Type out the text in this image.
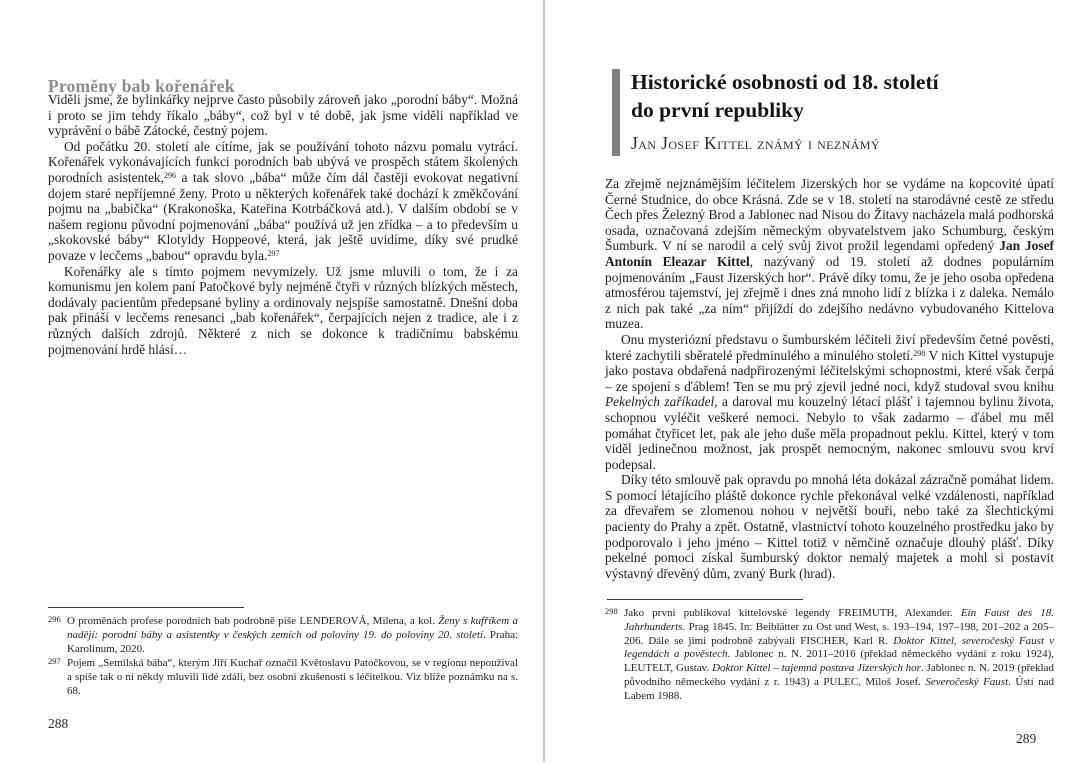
Proměny bab kořenářek

Viděli jsme, že bylinkářky nejprve často působily zároveň jako „porodní báby“. Možná i proto se jim tehdy říkalo „báby“, což byl v té době, jak jsme viděli například ve vyprávění o bábě Zátocké, čestný pojem.

Od počátku 20. století ale cítíme, jak se používání tohoto názvu pomalu vytrácí. Kořenářek vykonávajících funkci porodních bab ubývá ve prospěch státem školených porodních asistentek,$^{296}$ a tak slovo „bába“ může čím dál častěji evokovat negativní dojem staré nepříjemné ženy. Proto u některých kořenářek také dochází k změkčování pojmu na „babička“ (Krakonoška, Kateřina Kotrbáčková atd.). V dalším období se v našem regionu původní pojmenování „bába“ používá už jen zřídka – a to především u „skokovské báby“ Klotyldy Hoppeové, která, jak ještě uvidíme, díky své prudké povaze v lecčems „babou“ opravdu byla.$^{297}$

Kořenářky ale s tímto pojmem nevymizely. Už jsme mluvili o tom, že i za komunismu jen kolem paní Patočkové byly nejméně čtyři v různých blízkých městech, dodávaly pacientům předepsané byliny a ordinovaly nejspíše samostatně. Dnešní doba pak přináší v lecčems renesanci „bab kořenářek“, čerpajících nejen z tradice, ale i z různých dalších zdrojů. Některé z nich se dokonce k tradičnímu babskému pojmenování hrdě hlásí…

296 O proměnách profese porodních bab podrobně píše LENDEROVÁ, Milena, a kol. Ženy s kufříkem a nadějí: porodní báby a asistentky v českých zemích od poloviny 19. do poloviny 20. století. Praha: Karolinum, 2020.
297 Pojem „Semilská bába“, kterým Jiří Kuchař označil Květoslavu Patočkovou, se v regionu nepoužíval a spíše tak o ní někdy mluvili lidé zdáli, bez osobní zkušenosti s léčitelkou. Viz blíže poznámku na s. 68.
288
Historické osobnosti od 18. století
do první republiky
Jan Josef Kittel známý i neznámý

Za zřejmě nejznámějším léčitelem Jizerských hor se vydáme na kopcovité úpatí Černé Studnice, do obce Krásná. Zde se v 18. století na starodávné cestě ze středu Čech přes Železný Brod a Jablonec nad Nisou do Žitavy nacházela malá podhorská osada, označovaná zdejším německým obyvatelstvem jako Schumburg, českým Šumburk. V ní se narodil a celý svůj život prožil legendami opředený Jan Josef Antonín Eleazar Kittel, nazývaný od 19. století až dodnes populárním pojmenováním „Faust Jizerských hor“. Právě díky tomu, že je jeho osoba opředena atmosférou tajemství, jej zřejmě i dnes zná mnoho lidí z blízka i z daleka. Nemálo z nich pak také „za ním“ přijíždí do zdejšího nedávno vybudovaného Kittelova muzea.

Onu mysteriózní představu o šumburském léčiteli živí především četné pověsti, které zachytili sběratelé předminulého a minulého století.$^{298}$ V nich Kittel vystupuje jako postava obdařená nadpřirozenými léčitelskými schopnostmi, které však čerpá – ze spojení s ďáblem! Ten se mu prý zjevil jedné noci, když studoval svou knihu Pekelných zaříkadel, a daroval mu kouzelný létací plášť i tajemnou bylinu života, schopnou vyléčit veškeré nemoci. Nebylo to však zadarmo – ďábel mu měl pomáhat čtyřicet let, pak ale jeho duše měla propadnout peklu. Kittel, který v tom viděl jedinečnou možnost, jak prospět nemocným, nakonec smlouvu svou krví podepsal.

Díky této smlouvě pak opravdu po mnohá léta dokázal zázračně pomáhat lidem. S pomocí létajícího pláště dokonce rychle překonával velké vzdálenosti, například za dřevařem se zlomenou nohou v největší bouři, nebo také za šlechtickými pacienty do Prahy a zpět. Ostatně, vlastnictví tohoto kouzelného prostředku jako by podporovalo i jeho jméno – Kittel totiž v němčině označuje dlouhý plášť. Díky pekelné pomoci získal šumburský doktor nemalý majetek a mohl si postavit výstavný dřevěný dům, zvaný Burk (hrad).

298 Jako první publikoval kittelovské legendy FREIMUTH, Alexander. Ein Faust des 18. Jahrhunderts. Prag 1845. In: Beiblätter zu Ost und West, s. 193–194, 197–198, 201–202 a 205–206. Dále se jimi podrobně zabývali FISCHER, Karl R. Doktor Kittel, severočeský Faust v legendách a pověstech. Jablonec n. N. 2011–2016 (překlad německého vydání z roku 1924), LEUTELT, Gustav. Doktor Kittel – tajemná postava Jizerských hor. Jablonec n. N. 2019 (překlad původního německého vydání z r. 1943) a PULEC, Miloš Josef. Severočeský Faust. Ústí nad Labem 1988.
289
